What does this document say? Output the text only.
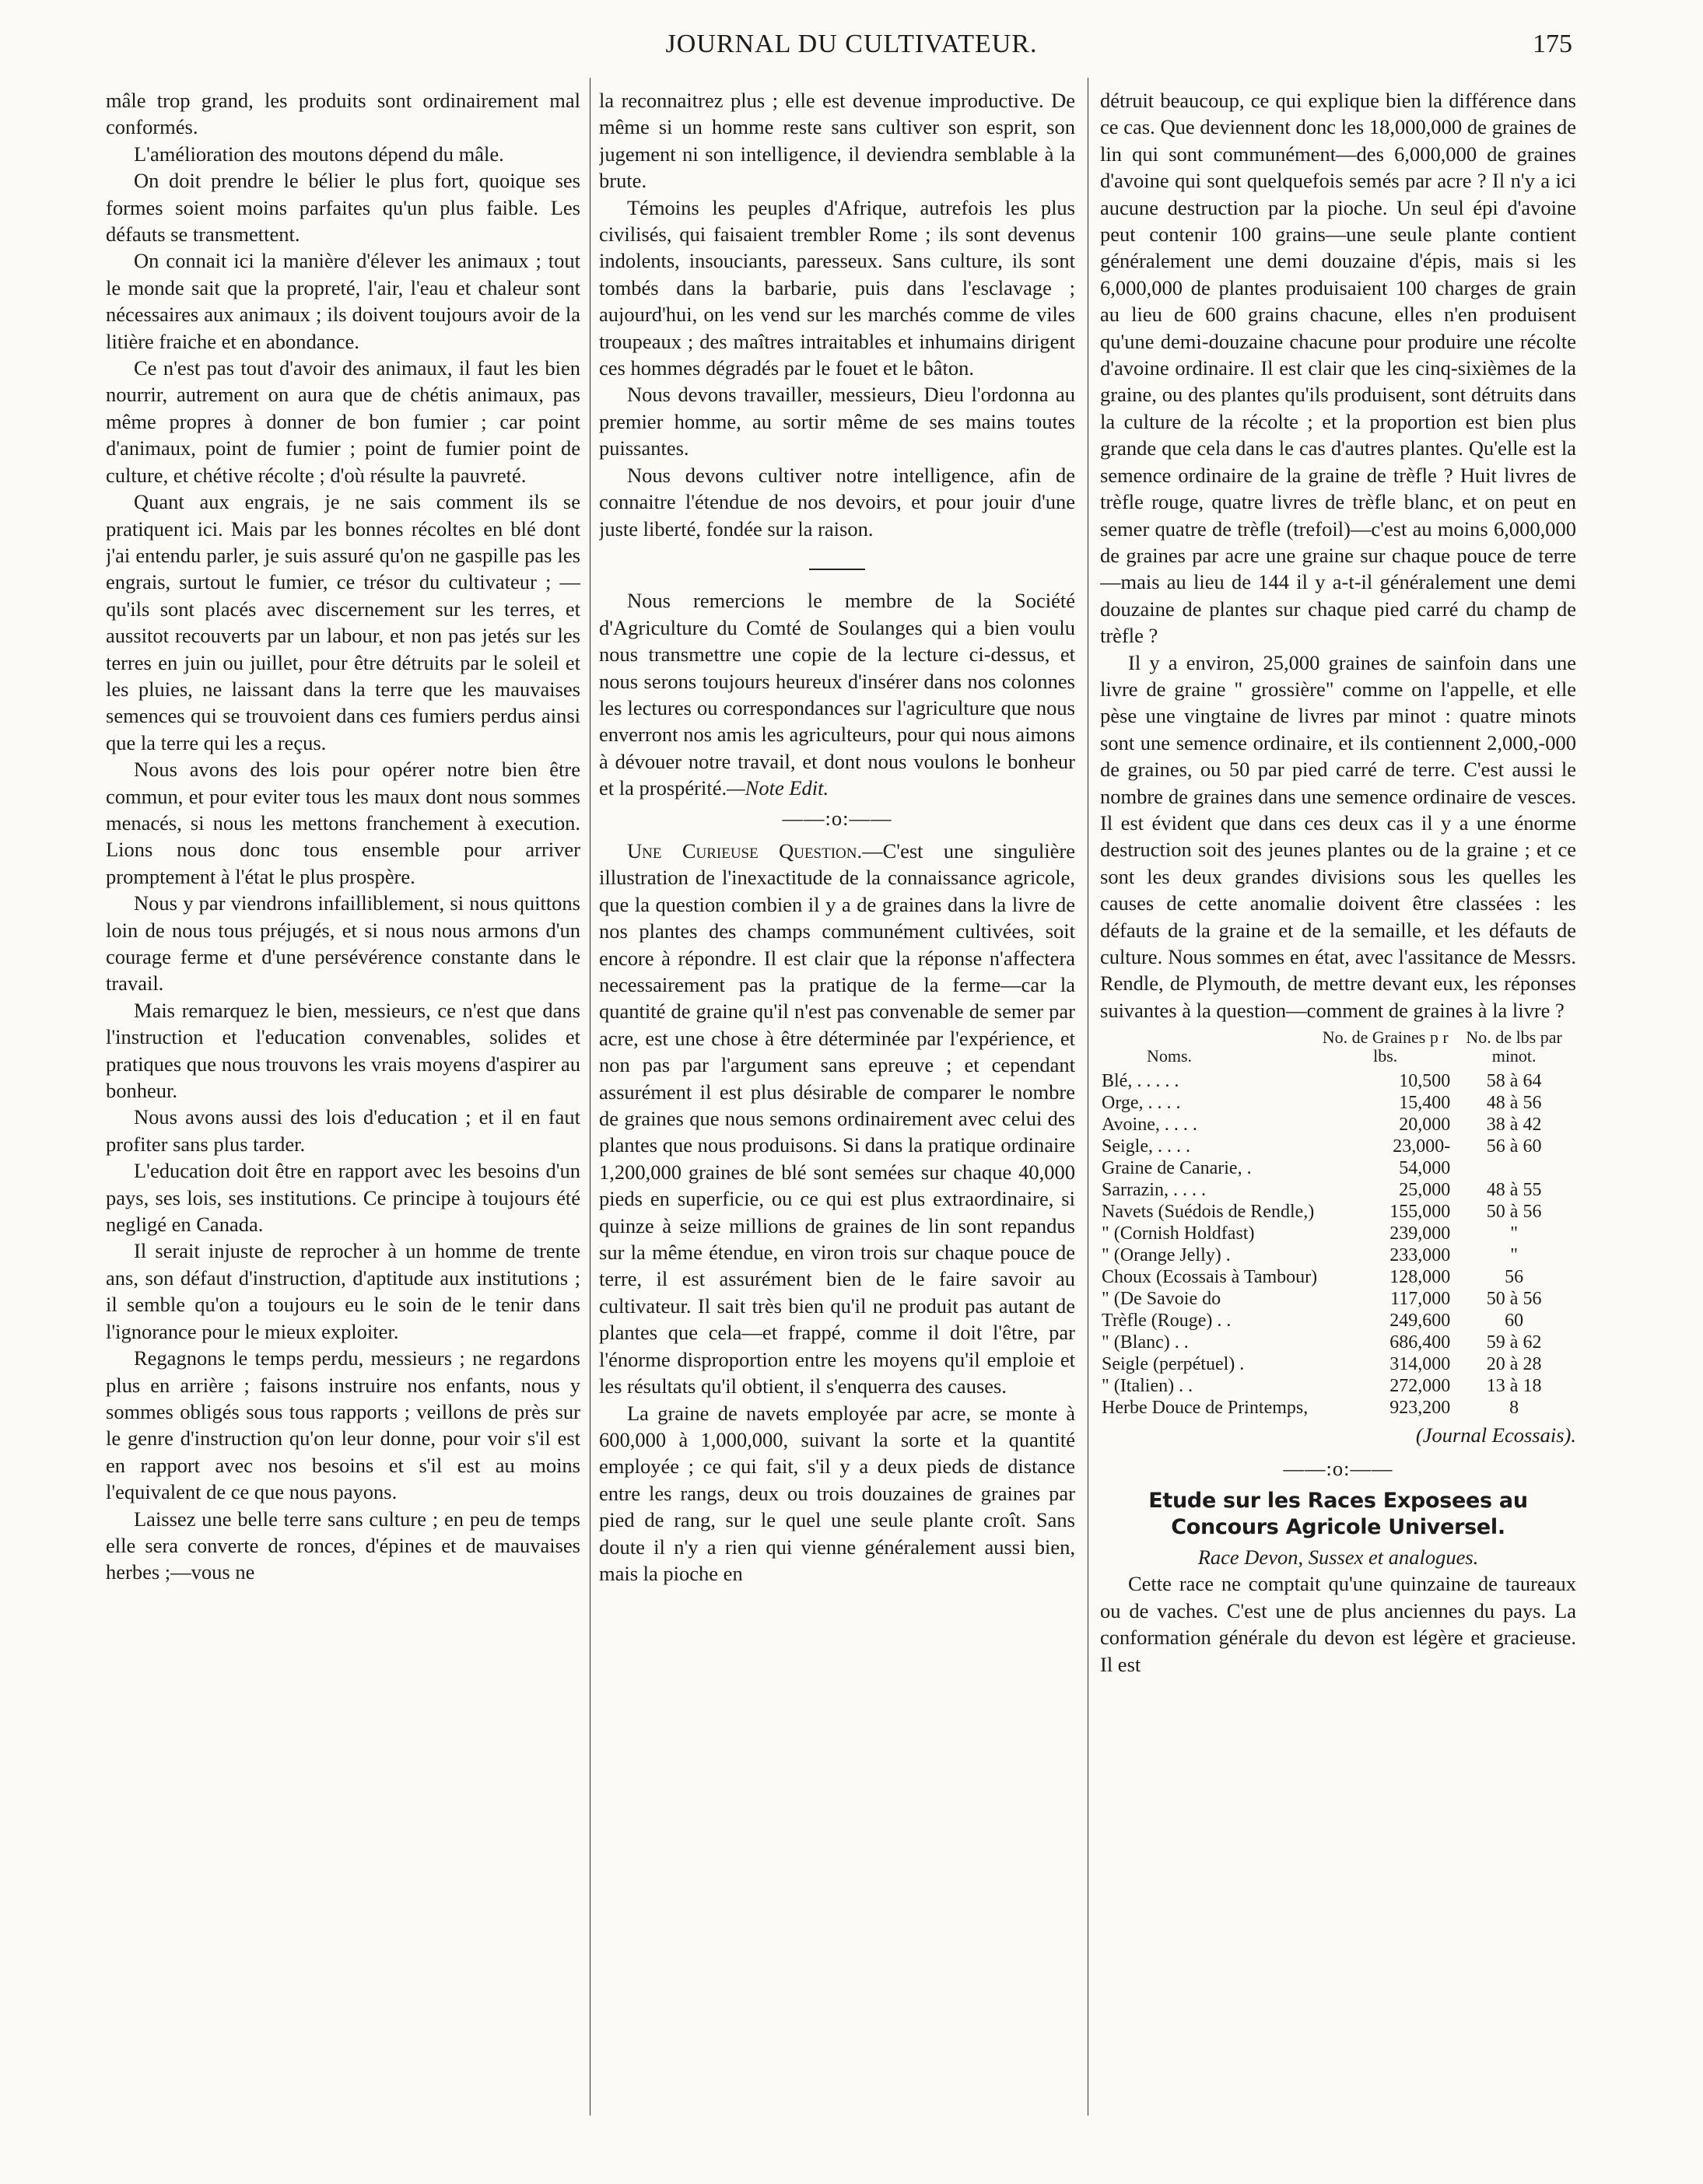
JOURNAL DU CULTIVATEUR.	175

mâle trop grand, les produits sont ordinairement mal conformés.

L'amélioration des moutons dépend du mâle.

On doit prendre le bélier le plus fort, quoique ses formes soient moins parfaites qu'un plus faible. Les défauts se transmettent.

On connait ici la manière d'élever les animaux ; tout le monde sait que la propreté, l'air, l'eau et chaleur sont nécessaires aux animaux ; ils doivent toujours avoir de la litière fraiche et en abondance.

Ce n'est pas tout d'avoir des animaux, il faut les bien nourrir, autrement on aura que de chétis animaux, pas même propres à donner de bon fumier ; car point d'animaux, point de fumier ; point de fumier point de culture, et chétive récolte ; d'où résulte la pauvreté.

Quant aux engrais, je ne sais comment ils se pratiquent ici. Mais par les bonnes récoltes en blé dont j'ai entendu parler, je suis assuré qu'on ne gaspille pas les engrais, surtout le fumier, ce trésor du cultivateur ; —qu'ils sont placés avec discernement sur les terres, et aussitot recouverts par un labour, et non pas jetés sur les terres en juin ou juillet, pour être détruits par le soleil et les pluies, ne laissant dans la terre que les mauvaises semences qui se trouvoient dans ces fumiers perdus ainsi que la terre qui les a reçus.

Nous avons des lois pour opérer notre bien être commun, et pour eviter tous les maux dont nous sommes menacés, si nous les mettons franchement à execution. Lions nous donc tous ensemble pour arriver promptement à l'état le plus prospère.

Nous y par viendrons infailliblement, si nous quittons loin de nous tous préjugés, et si nous nous armons d'un courage ferme et d'une persévérence constante dans le travail.

Mais remarquez le bien, messieurs, ce n'est que dans l'instruction et l'education convenables, solides et pratiques que nous trouvons les vrais moyens d'aspirer au bonheur.

Nous avons aussi des lois d'education ; et il en faut profiter sans plus tarder.

L'education doit être en rapport avec les besoins d'un pays, ses lois, ses institutions. Ce principe à toujours été negligé en Canada.

Il serait injuste de reprocher à un homme de trente ans, son défaut d'instruction, d'aptitude aux institutions ; il semble qu'on a toujours eu le soin de le tenir dans l'ignorance pour le mieux exploiter.

Regagnons le temps perdu, messieurs ; ne regardons plus en arrière ; faisons instruire nos enfants, nous y sommes obligés sous tous rapports ; veillons de près sur le genre d'instruction qu'on leur donne, pour voir s'il est en rapport avec nos besoins et s'il est au moins l'equivalent de ce que nous payons.

Laissez une belle terre sans culture ; en peu de temps elle sera converte de ronces, d'épines et de mauvaises herbes ;—vous ne

la reconnaitrez plus ; elle est devenue improductive. De même si un homme reste sans cultiver son esprit, son jugement ni son intelligence, il deviendra semblable à la brute.

Témoins les peuples d'Afrique, autrefois les plus civilisés, qui faisaient trembler Rome ; ils sont devenus indolents, insouciants, paresseux. Sans culture, ils sont tombés dans la barbarie, puis dans l'esclavage ; aujourd'hui, on les vend sur les marchés comme de viles troupeaux ; des maîtres intraitables et inhumains dirigent ces hommes dégradés par le fouet et le bâton.

Nous devons travailler, messieurs, Dieu l'ordonna au premier homme, au sortir même de ses mains toutes puissantes.

Nous devons cultiver notre intelligence, afin de connaitre l'étendue de nos devoirs, et pour jouir d'une juste liberté, fondée sur la raison.

Nous remercions le membre de la Société d'Agriculture du Comté de Soulanges qui a bien voulu nous transmettre une copie de la lecture ci-dessus, et nous serons toujours heureux d'insérer dans nos colonnes les lectures ou correspondances sur l'agriculture que nous enverront nos amis les agriculteurs, pour qui nous aimons à dévouer notre travail, et dont nous voulons le bonheur et la prospérité.—Note Edit.

——:o:——

Une Curieuse Question.—C'est une singulière illustration de l'inexactitude de la connaissance agricole, que la question combien il y a de graines dans la livre de nos plantes des champs communément cultivées, soit encore à répondre. Il est clair que la réponse n'affectera necessairement pas la pratique de la ferme—car la quantité de graine qu'il n'est pas convenable de semer par acre, est une chose à être déterminée par l'expérience, et non pas par l'argument sans epreuve ; et cependant assurément il est plus désirable de comparer le nombre de graines que nous semons ordinairement avec celui des plantes que nous produisons. Si dans la pratique ordinaire 1,200,000 graines de blé sont semées sur chaque 40,000 pieds en superficie, ou ce qui est plus extraordinaire, si quinze à seize millions de graines de lin sont repandus sur la même étendue, en viron trois sur chaque pouce de terre, il est assurément bien de le faire savoir au cultivateur. Il sait très bien qu'il ne produit pas autant de plantes que cela—et frappé, comme il doit l'être, par l'énorme disproportion entre les moyens qu'il emploie et les résultats qu'il obtient, il s'enquerra des causes.

La graine de navets employée par acre, se monte à 600,000 à 1,000,000, suivant la sorte et la quantité employée ; ce qui fait, s'il y a deux pieds de distance entre les rangs, deux ou trois douzaines de graines par pied de rang, sur le quel une seule plante croît. Sans doute il n'y a rien qui vienne généralement aussi bien, mais la pioche en

détruit beaucoup, ce qui explique bien la différence dans ce cas. Que deviennent donc les 18,000,000 de graines de lin qui sont communément—des 6,000,000 de graines d'avoine qui sont quelquefois semés par acre ? Il n'y a ici aucune destruction par la pioche. Un seul épi d'avoine peut contenir 100 grains—une seule plante contient généralement une demi douzaine d'épis, mais si les 6,000,000 de plantes produisaient 100 charges de grain au lieu de 600 grains chacune, elles n'en produisent qu'une demi-douzaine chacune pour produire une récolte d'avoine ordinaire. Il est clair que les cinq-sixièmes de la graine, ou des plantes qu'ils produisent, sont détruits dans la culture de la récolte ; et la proportion est bien plus grande que cela dans le cas d'autres plantes. Qu'elle est la semence ordinaire de la graine de trèfle ? Huit livres de trèfle rouge, quatre livres de trèfle blanc, et on peut en semer quatre de trèfle (trefoil)—c'est au moins 6,000,000 de graines par acre une graine sur chaque pouce de terre—mais au lieu de 144 il y a-t-il généralement une demi douzaine de plantes sur chaque pied carré du champ de trèfle ?

Il y a environ, 25,000 graines de sainfoin dans une livre de graine " grossière" comme on l'appelle, et elle pèse une vingtaine de livres par minot : quatre minots sont une semence ordinaire, et ils contiennent 2,000,-000 de graines, ou 50 par pied carré de terre. C'est aussi le nombre de graines dans une semence ordinaire de vesces. Il est évident que dans ces deux cas il y a une énorme destruction soit des jeunes plantes ou de la graine ; et ce sont les deux grandes divisions sous les quelles les causes de cette anomalie doivent être classées : les défauts de la graine et de la semaille, et les défauts de culture. Nous sommes en état, avec l'assitance de Messrs. Rendle, de Plymouth, de mettre devant eux, les réponses suivantes à la question—comment de graines à la livre ?

Noms.	No. de Graines p r lbs.	No. de lbs par minot.
Blé, . . . . .	10,500	58 à 64
Orge, . . . .	15,400	48 à 56
Avoine, . . . .	20,000	38 à 42
Seigle, . . . .	23,000-	56 à 60
Graine de Canarie, .	54,000	
Sarrazin, . . . .	25,000	48 à 55
Navets (Suédois de Rendle,)	155,000	50 à 56
" (Cornish Holdfast)	239,000	"
" (Orange Jelly) .	233,000	"
Choux (Ecossais à Tambour)	128,000	56
" (De Savoie do	117,000	50 à 56
Trèfle (Rouge) . .	249,600	60
" (Blanc) . .	686,400	59 à 62
Seigle (perpétuel) .	314,000	20 à 28
" (Italien) . .	272,000	13 à 18
Herbe Douce de Printemps,	923,200	8
(Journal Ecossais).
——:o:——
Etude sur les Races Exposees au Concours Agricole Universel.
Race Devon, Sussex et analogues.

Cette race ne comptait qu'une quinzaine de taureaux ou de vaches. C'est une de plus anciennes du pays. La conformation générale du devon est légère et gracieuse. Il est
